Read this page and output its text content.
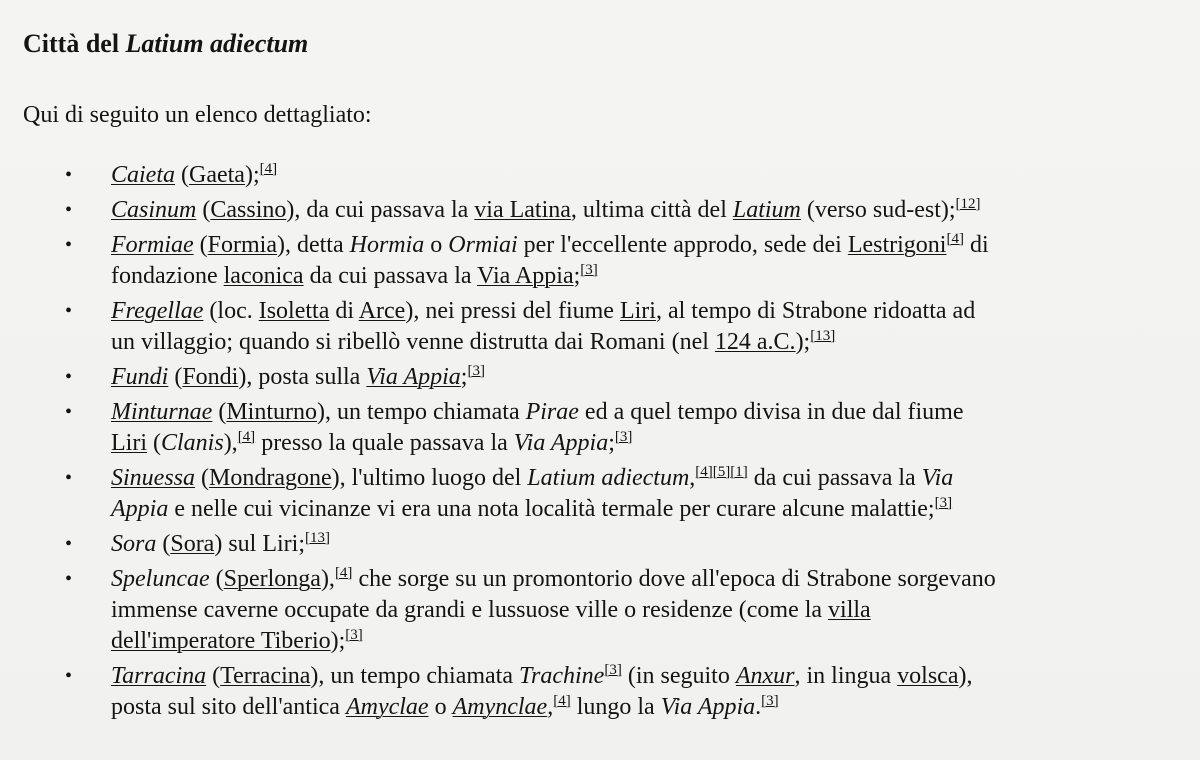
Città del Latium adiectum

Qui di seguito un elenco dettagliato:

• Caieta (Gaeta);[4]
• Casinum (Cassino), da cui passava la via Latina, ultima città del Latium (verso sud-est);[12]
• Formiae (Formia), detta Hormia o Ormiai per l'eccellente approdo, sede dei Lestrigoni[4] di
fondazione laconica da cui passava la Via Appia;[3]
• Fregellae (loc. Isoletta di Arce), nei pressi del fiume Liri, al tempo di Strabone ridoatta ad
un villaggio; quando si ribellò venne distrutta dai Romani (nel 124 a.C.);[13]
• Fundi (Fondi), posta sulla Via Appia;[3]
• Minturnae (Minturno), un tempo chiamata Pirae ed a quel tempo divisa in due dal fiume
Liri (Clanis),[4] presso la quale passava la Via Appia;[3]
• Sinuessa (Mondragone), l'ultimo luogo del Latium adiectum,[4][5][1] da cui passava la Via
Appia e nelle cui vicinanze vi era una nota località termale per curare alcune malattie;[3]
• Sora (Sora) sul Liri;[13]
• Speluncae (Sperlonga),[4] che sorge su un promontorio dove all'epoca di Strabone sorgevano
immense caverne occupate da grandi e lussuose ville o residenze (come la villa
dell'imperatore Tiberio);[3]
• Tarracina (Terracina), un tempo chiamata Trachine[3] (in seguito Anxur, in lingua volsca),
posta sul sito dell'antica Amyclae o Amynclae,[4] lungo la Via Appia.[3]
